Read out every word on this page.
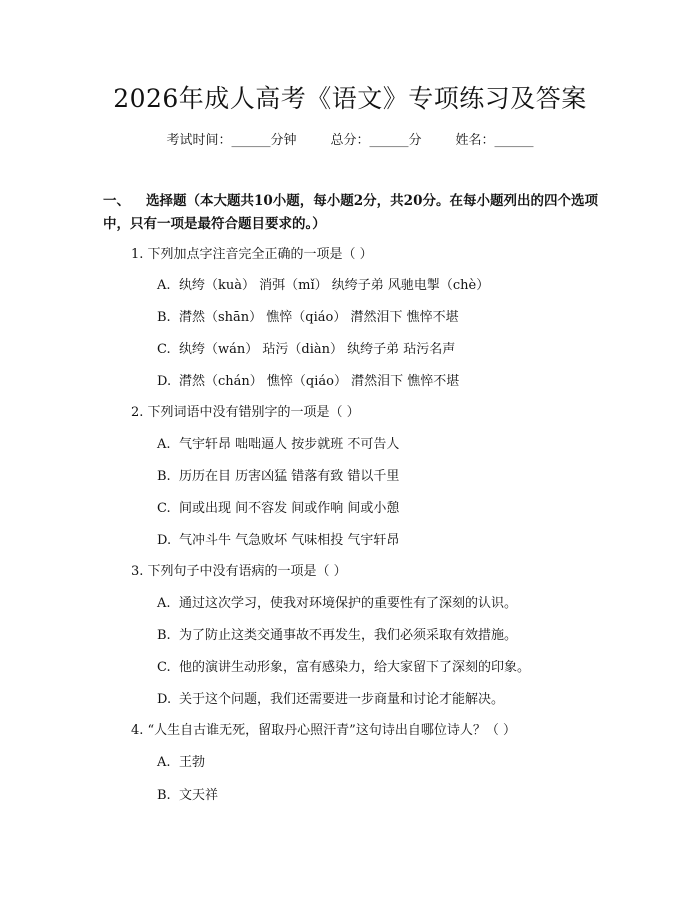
2026年成人高考《语文》专项练习及答案
考试时间：______分钟	总分：______分	姓名：______
一、 选择题（本大题共10小题，每小题2分，共20分。在每小题列出的四个选项中，只有一项是最符合题目要求的。）
1. 下列加点字注音完全正确的一项是（ ）
A. 纨绔（kuà） 消弭（mǐ） 纨绔子弟 风驰电掣（chè）
B. 潸然（shān） 憔悴（qiáo） 潸然泪下 憔悴不堪
C. 纨绔（wán） 玷污（diàn） 纨绔子弟 玷污名声
D. 潸然（chán） 憔悴（qiáo） 潸然泪下 憔悴不堪
2. 下列词语中没有错别字的一项是（ ）
A. 气宇轩昂 咄咄逼人 按步就班 不可告人
B. 历历在目 历害凶猛 错落有致 错以千里
C. 间或出现 间不容发 间或作响 间或小憩
D. 气冲斗牛 气急败坏 气味相投 气宇轩昂
3. 下列句子中没有语病的一项是（ ）
A. 通过这次学习，使我对环境保护的重要性有了深刻的认识。
B. 为了防止这类交通事故不再发生，我们必须采取有效措施。
C. 他的演讲生动形象，富有感染力，给大家留下了深刻的印象。
D. 关于这个问题，我们还需要进一步商量和讨论才能解决。
4. “人生自古谁无死，留取丹心照汗青”这句诗出自哪位诗人？（ ）
A. 王勃
B. 文天祥
